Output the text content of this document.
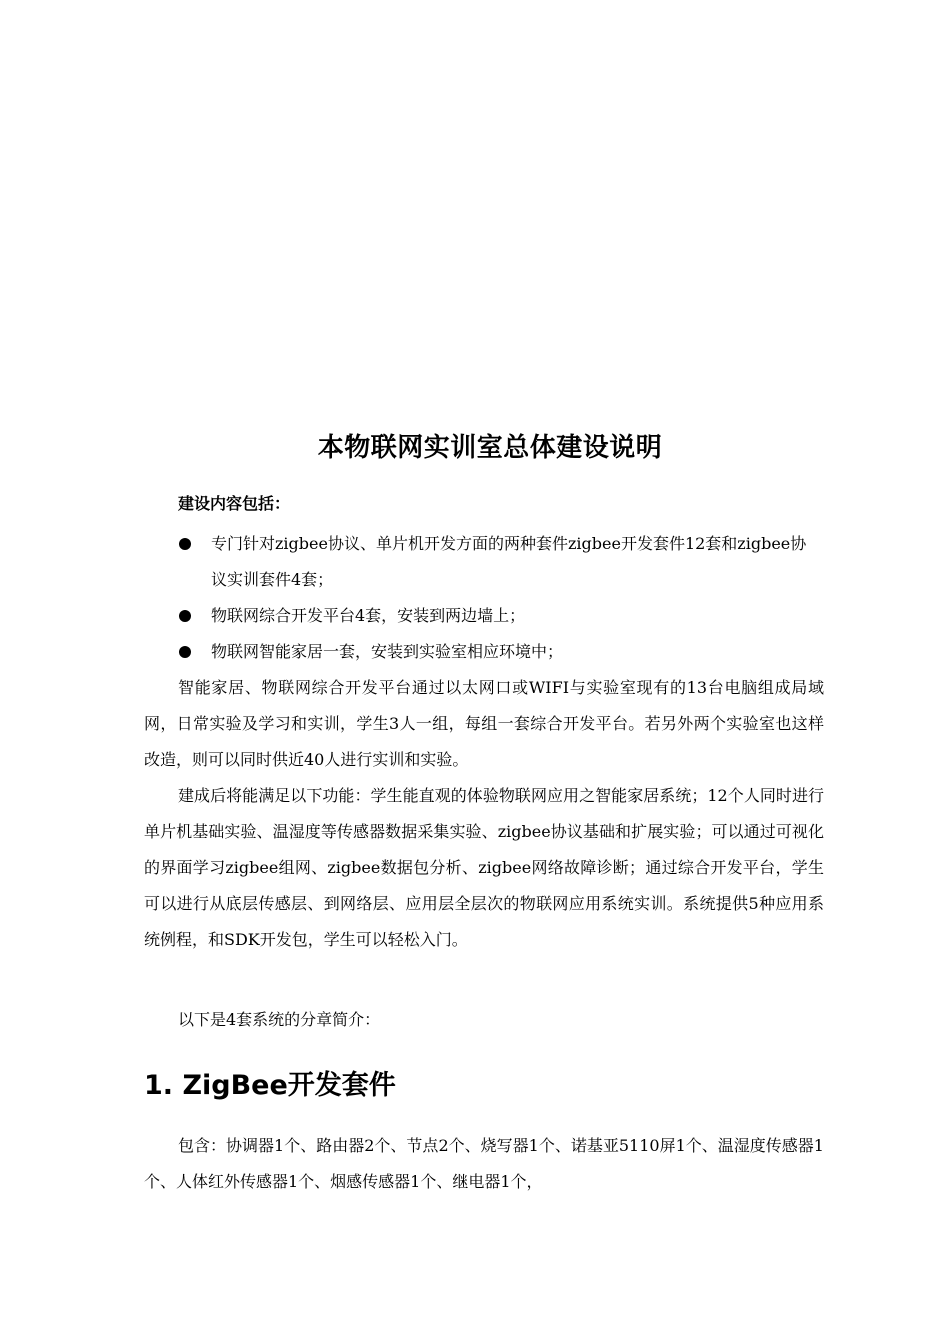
本物联网实训室总体建设说明
建设内容包括：
专门针对zigbee协议、单片机开发方面的两种套件zigbee开发套件12套和zigbee协议实训套件4套；
物联网综合开发平台4套，安装到两边墙上；
物联网智能家居一套，安装到实验室相应环境中；

智能家居、物联网综合开发平台通过以太网口或WIFI与实验室现有的13台电脑组成局域网，日常实验及学习和实训，学生3人一组，每组一套综合开发平台。若另外两个实验室也这样改造，则可以同时供近40人进行实训和实验。

建成后将能满足以下功能：学生能直观的体验物联网应用之智能家居系统；12个人同时进行单片机基础实验、温湿度等传感器数据采集实验、zigbee协议基础和扩展实验；可以通过可视化的界面学习zigbee组网、zigbee数据包分析、zigbee网络故障诊断；通过综合开发平台，学生可以进行从底层传感层、到网络层、应用层全层次的物联网应用系统实训。系统提供5种应用系统例程，和SDK开发包，学生可以轻松入门。

以下是4套系统的分章简介：

1. ZigBee开发套件

包含：协调器1个、路由器2个、节点2个、烧写器1个、诺基亚5110屏1个、温湿度传感器1个、人体红外传感器1个、烟感传感器1个、继电器1个，
